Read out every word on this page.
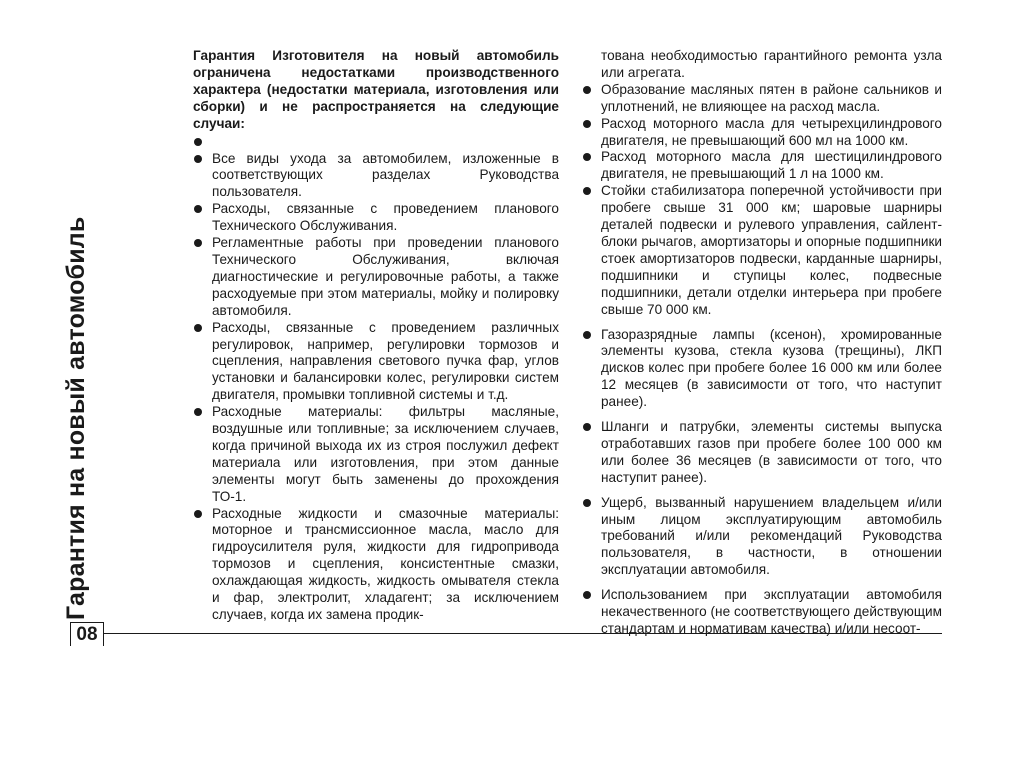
Гарантия на новый автомобиль
08

Гарантия Изготовителя на новый автомобиль ограничена недостатками производственного характера (недостатки материала, изготовления или сборки) и не распространяется на следующие случаи:

Все виды ухода за автомобилем, изложенные в соответствующих разделах Руководства пользователя.
Расходы, связанные с проведением планового Технического Обслуживания.
Регламентные работы при проведении планового Технического Обслуживания, включая диагностические и регулировочные работы, а также расходуемые при этом материалы, мойку и полировку автомобиля.
Расходы, связанные с проведением различных регулировок, например, регулировки тормозов и сцепления, направления светового пучка фар, углов установки и балансировки колес, регулировки систем двигателя, промывки топливной системы и т.д.
Расходные материалы: фильтры масляные, воздушные или топливные; за исключением случаев, когда причиной выхода их из строя послужил дефект материала или изготовления, при этом данные элементы могут быть заменены до прохождения ТО-1.
Расходные жидкости и смазочные материалы: моторное и трансмиссионное масла, масло для гидроусилителя руля, жидкости для гидропривода тормозов и сцепления, консистентные смазки, охлаждающая жидкость, жидкость омывателя стекла и фар, электролит, хладагент; за исключением случаев, когда их замена продик-

тована необходимостью гарантийного ремонта узла или агрегата.

Образование масляных пятен в районе сальников и уплотнений, не влияющее на расход масла.
Расход моторного масла для четырехцилиндрового двигателя, не превышающий 600 мл на 1000 км.
Расход моторного масла для шестицилиндрового двигателя, не превышающий 1 л на 1000 км.
Стойки стабилизатора поперечной устойчивости при пробеге свыше 31 000 км; шаровые шарниры деталей подвески и рулевого управления, сайлент-блоки рычагов, амортизаторы и опорные подшипники стоек амортизаторов подвески, карданные шарниры, подшипники и ступицы колес, подвесные подшипники, детали отделки интерьера при пробеге свыше 70 000 км.
Газоразрядные лампы (ксенон), хромированные элементы кузова, стекла кузова (трещины), ЛКП дисков колес при пробеге более 16 000 км или более 12 месяцев (в зависимости от того, что наступит ранее).
Шланги и патрубки, элементы системы выпуска отработавших газов при пробеге более 100 000 км или более 36 месяцев (в зависимости от того, что наступит ранее).
Ущерб, вызванный нарушением владельцем и/или иным лицом эксплуатирующим автомобиль требований и/или рекомендаций Руководства пользователя, в частности, в отношении эксплуатации автомобиля.
Использованием при эксплуатации автомобиля некачественного (не соответствующего действующим стандартам и нормативам качества) и/или несоот-
